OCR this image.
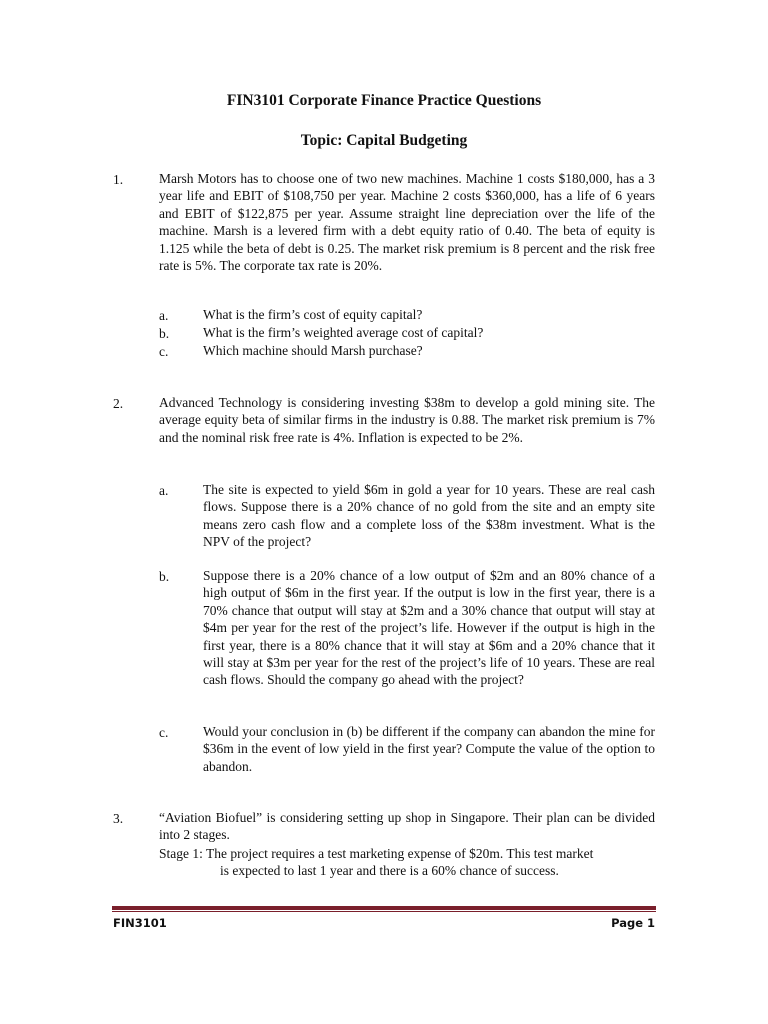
FIN3101 Corporate Finance Practice Questions
Topic: Capital Budgeting
1.	Marsh Motors has to choose one of two new machines. Machine 1 costs $180,000, has a 3 year life and EBIT of $108,750 per year. Machine 2 costs $360,000, has a life of 6 years and EBIT of $122,875 per year. Assume straight line depreciation over the life of the machine. Marsh is a levered firm with a debt equity ratio of 0.40. The beta of equity is 1.125 while the beta of debt is 0.25. The market risk premium is 8 percent and the risk free rate is 5%. The corporate tax rate is 20%.
a.	What is the firm’s cost of equity capital?
b.	What is the firm’s weighted average cost of capital?
c.	Which machine should Marsh purchase?
2.	Advanced Technology is considering investing $38m to develop a gold mining site. The average equity beta of similar firms in the industry is 0.88. The market risk premium is 7% and the nominal risk free rate is 4%. Inflation is expected to be 2%.
a.	The site is expected to yield $6m in gold a year for 10 years. These are real cash flows. Suppose there is a 20% chance of no gold from the site and an empty site means zero cash flow and a complete loss of the $38m investment. What is the NPV of the project?
b.	Suppose there is a 20% chance of a low output of $2m and an 80% chance of a high output of $6m in the first year. If the output is low in the first year, there is a 70% chance that output will stay at $2m and a 30% chance that output will stay at $4m per year for the rest of the project’s life. However if the output is high in the first year, there is a 80% chance that it will stay at $6m and a 20% chance that it will stay at $3m per year for the rest of the project’s life of 10 years. These are real cash flows. Should the company go ahead with the project?
c.	Would your conclusion in (b) be different if the company can abandon the mine for $36m in the event of low yield in the first year? Compute the value of the option to abandon.
3.	“Aviation Biofuel” is considering setting up shop in Singapore. Their plan can be divided into 2 stages.
Stage 1: The project requires a test marketing expense of $20m. This test market
is expected to last 1 year and there is a 60% chance of success.
FIN3101	Page 1
